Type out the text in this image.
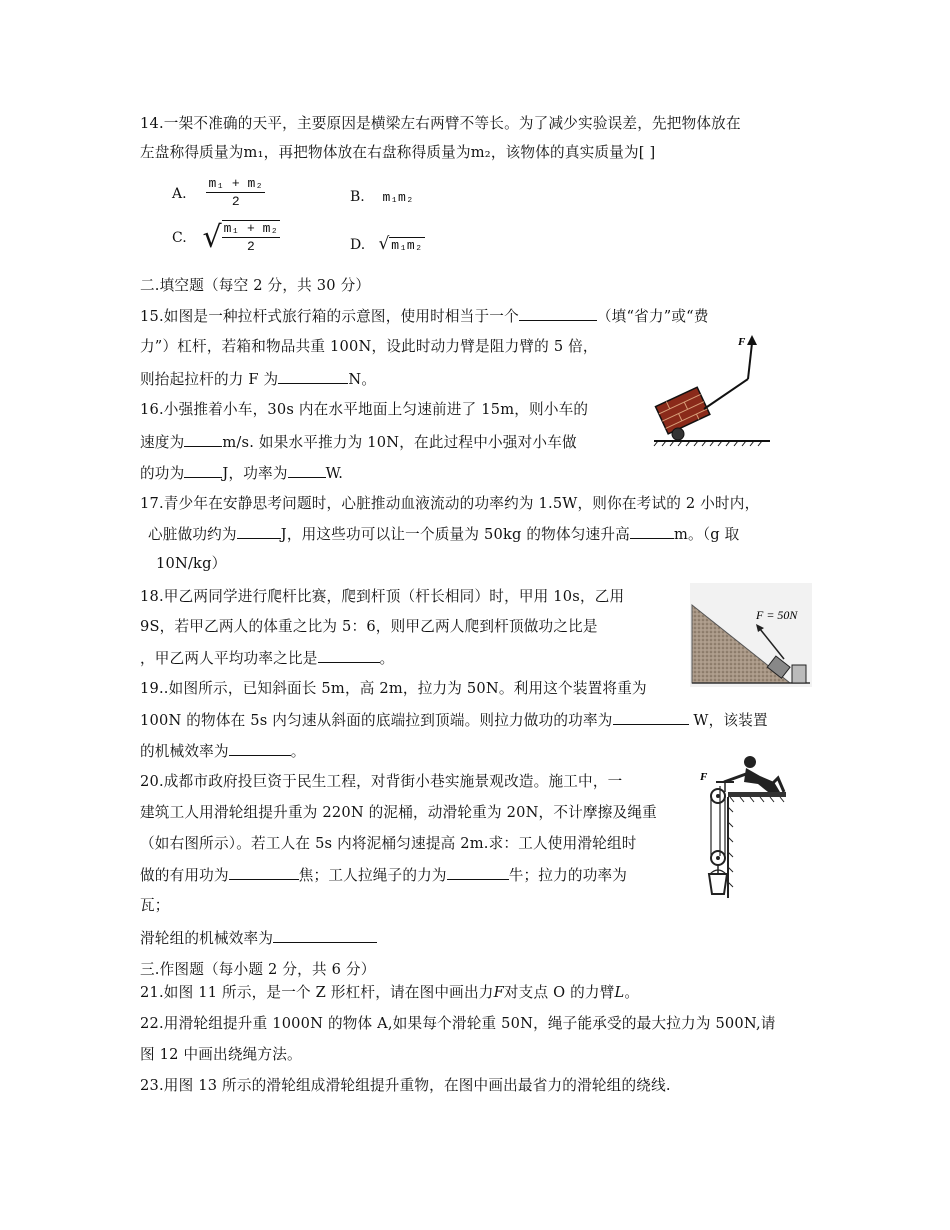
14.一架不准确的天平，主要原因是横梁左右两臂不等长。为了减少实验误差，先把物体放在
左盘称得质量为m₁，再把物体放在右盘称得质量为m₂，该物体的真实质量为[ ]
A. $\frac{\text{m₁ + m₂}}{2}$	B. m₁m₂
C. √ $\frac{\text{m₁ + m₂}}{2}$	D. √ m₁m₂
二.填空题（每空 2 分，共 30 分）
15.如图是一种拉杆式旅行箱的示意图，使用时相当于一个	（填“省力”或“费
力”）杠杆，若箱和物品共重 100N，设此时动力臂是阻力臂的 5 倍，
则抬起拉杆的力 F 为	N。
F
16.小强推着小车，30s 内在水平地面上匀速前进了 15m，则小车的
速度为	m/s. 如果水平推力为 10N，在此过程中小强对小车做
的功为	J，功率为	W.
17.青少年在安静思考问题时，心脏推动血液流动的功率约为 1.5W，则你在考试的 2 小时内，
心脏做功约为	J，用这些功可以让一个质量为 50kg 的物体匀速升高	m。（g 取
10N/kg）
18.甲乙两同学进行爬杆比赛，爬到杆顶（杆长相同）时，甲用 10s，乙用
9S，若甲乙两人的体重之比为 5：6，则甲乙两人爬到杆顶做功之比是
，甲乙两人平均功率之比是	。
F = 50N
19..如图所示，已知斜面长 5m，高 2m，拉力为 50N。利用这个装置将重为
100N 的物体在 5s 内匀速从斜面的底端拉到顶端。则拉力做功的功率为	W，该装置
的机械效率为	。
20.成都市政府投巨资于民生工程，对背街小巷实施景观改造。施工中，一
建筑工人用滑轮组提升重为 220N 的泥桶，动滑轮重为 20N，不计摩擦及绳重
（如右图所示）。若工人在 5s 内将泥桶匀速提高 2m.求：工人使用滑轮组时
做的有用功为	焦；工人拉绳子的力为	牛；拉力的功率为
瓦；
滑轮组的机械效率为
F
三.作图题（每小题 2 分，共 6 分）
21.如图 11 所示，是一个 Z 形杠杆，请在图中画出力F对支点 O 的力臂L。
22.用滑轮组提升重 1000N 的物体 A,如果每个滑轮重 50N，绳子能承受的最大拉力为 500N,请
图 12 中画出绕绳方法。
23.用图 13 所示的滑轮组成滑轮组提升重物，在图中画出最省力的滑轮组的绕线.
